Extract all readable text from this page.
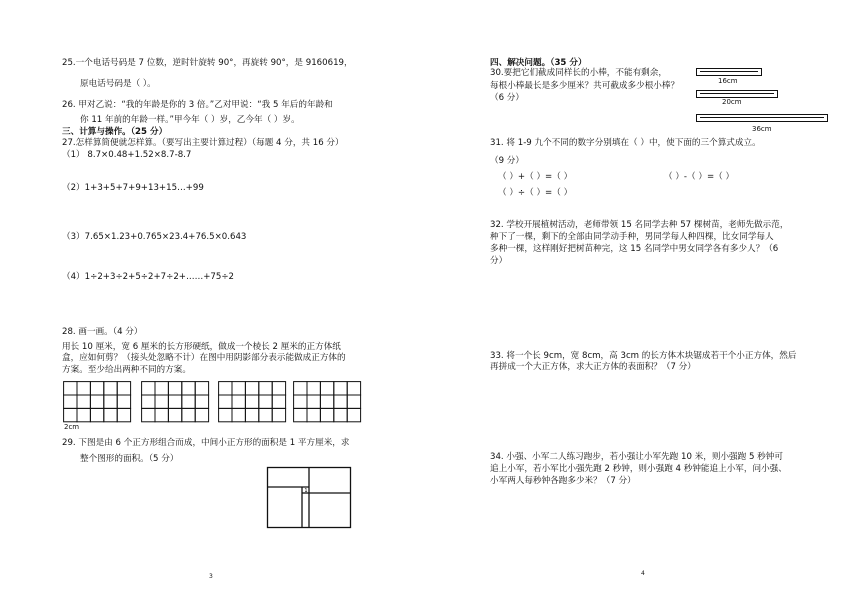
25.一个电话号码是 7 位数，逆时针旋转 90°，再旋转 90°，是 9160619，
原电话号码是（ ）。
26. 甲对乙说：“我的年龄是你的 3 倍。”乙对甲说：“我 5 年后的年龄和
你 11 年前的年龄一样。”甲今年（ ）岁，乙今年（ ）岁。
三、计算与操作。（25 分）
27.怎样算简便就怎样算。（要写出主要计算过程）（每题 4 分，共 16 分）
（1） 8.7×0.48+1.52×8.7-8.7
（2）1+3+5+7+9+13+15…+99
（3）7.65×1.23+0.765×23.4+76.5×0.643
（4）1÷2+3÷2+5÷2+7÷2+……+75÷2
28. 画一画。（4 分）
用长 10 厘米，宽 6 厘米的长方形硬纸，做成⼀个棱长 2 厘米的正方体纸
盒，应如何剪？（接头处忽略不计）在图中用阴影部分表示能做成正方体的
方案。至少给出两种不同的方案。
2cm
29. 下图是由 6 个正方形组合而成，中间小正方形的面积是 1 平方厘米，求
整个图形的面积。（5 分）
1
3
四、解决问题。（35 分）
30.要把它们截成同样长的小棒，不能有剩余，
每根小棒最长是多少厘米？共可截成多少根小棒？
（6 分）
16cm
20cm
36cm
31. 将 1-9 九个不同的数字分别填在（ ）中，使下面的三个算式成立。
（9 分）
（ ）+（ ）=（ ）	（ ）-（ ）=（ ）
（ ）÷（ ）=（ ）
32. 学校开展植树活动，老师带领 15 名同学去种 57 棵树苗，老师先做示范，
种下了一棵，剩下的全部由同学动手种，男同学每人种四棵，比女同学每人
多种一棵，这样刚好把树苗种完，这 15 名同学中男女同学各有多少人？（6
分）
33. 将一个长 9cm，宽 8cm，高 3cm 的长方体木块锯成若干个小正方体，然后
再拼成一个大正方体，求大正方体的表面积？（7 分）
34. 小强、小军二人练习跑步，若小强让小军先跑 10 米，则小强跑 5 秒钟可
追上小军，若小军比小强先跑 2 秒钟，则小强跑 4 秒钟能追上小军，问小强、
小军两人每秒钟各跑多少米？（7 分）
4
